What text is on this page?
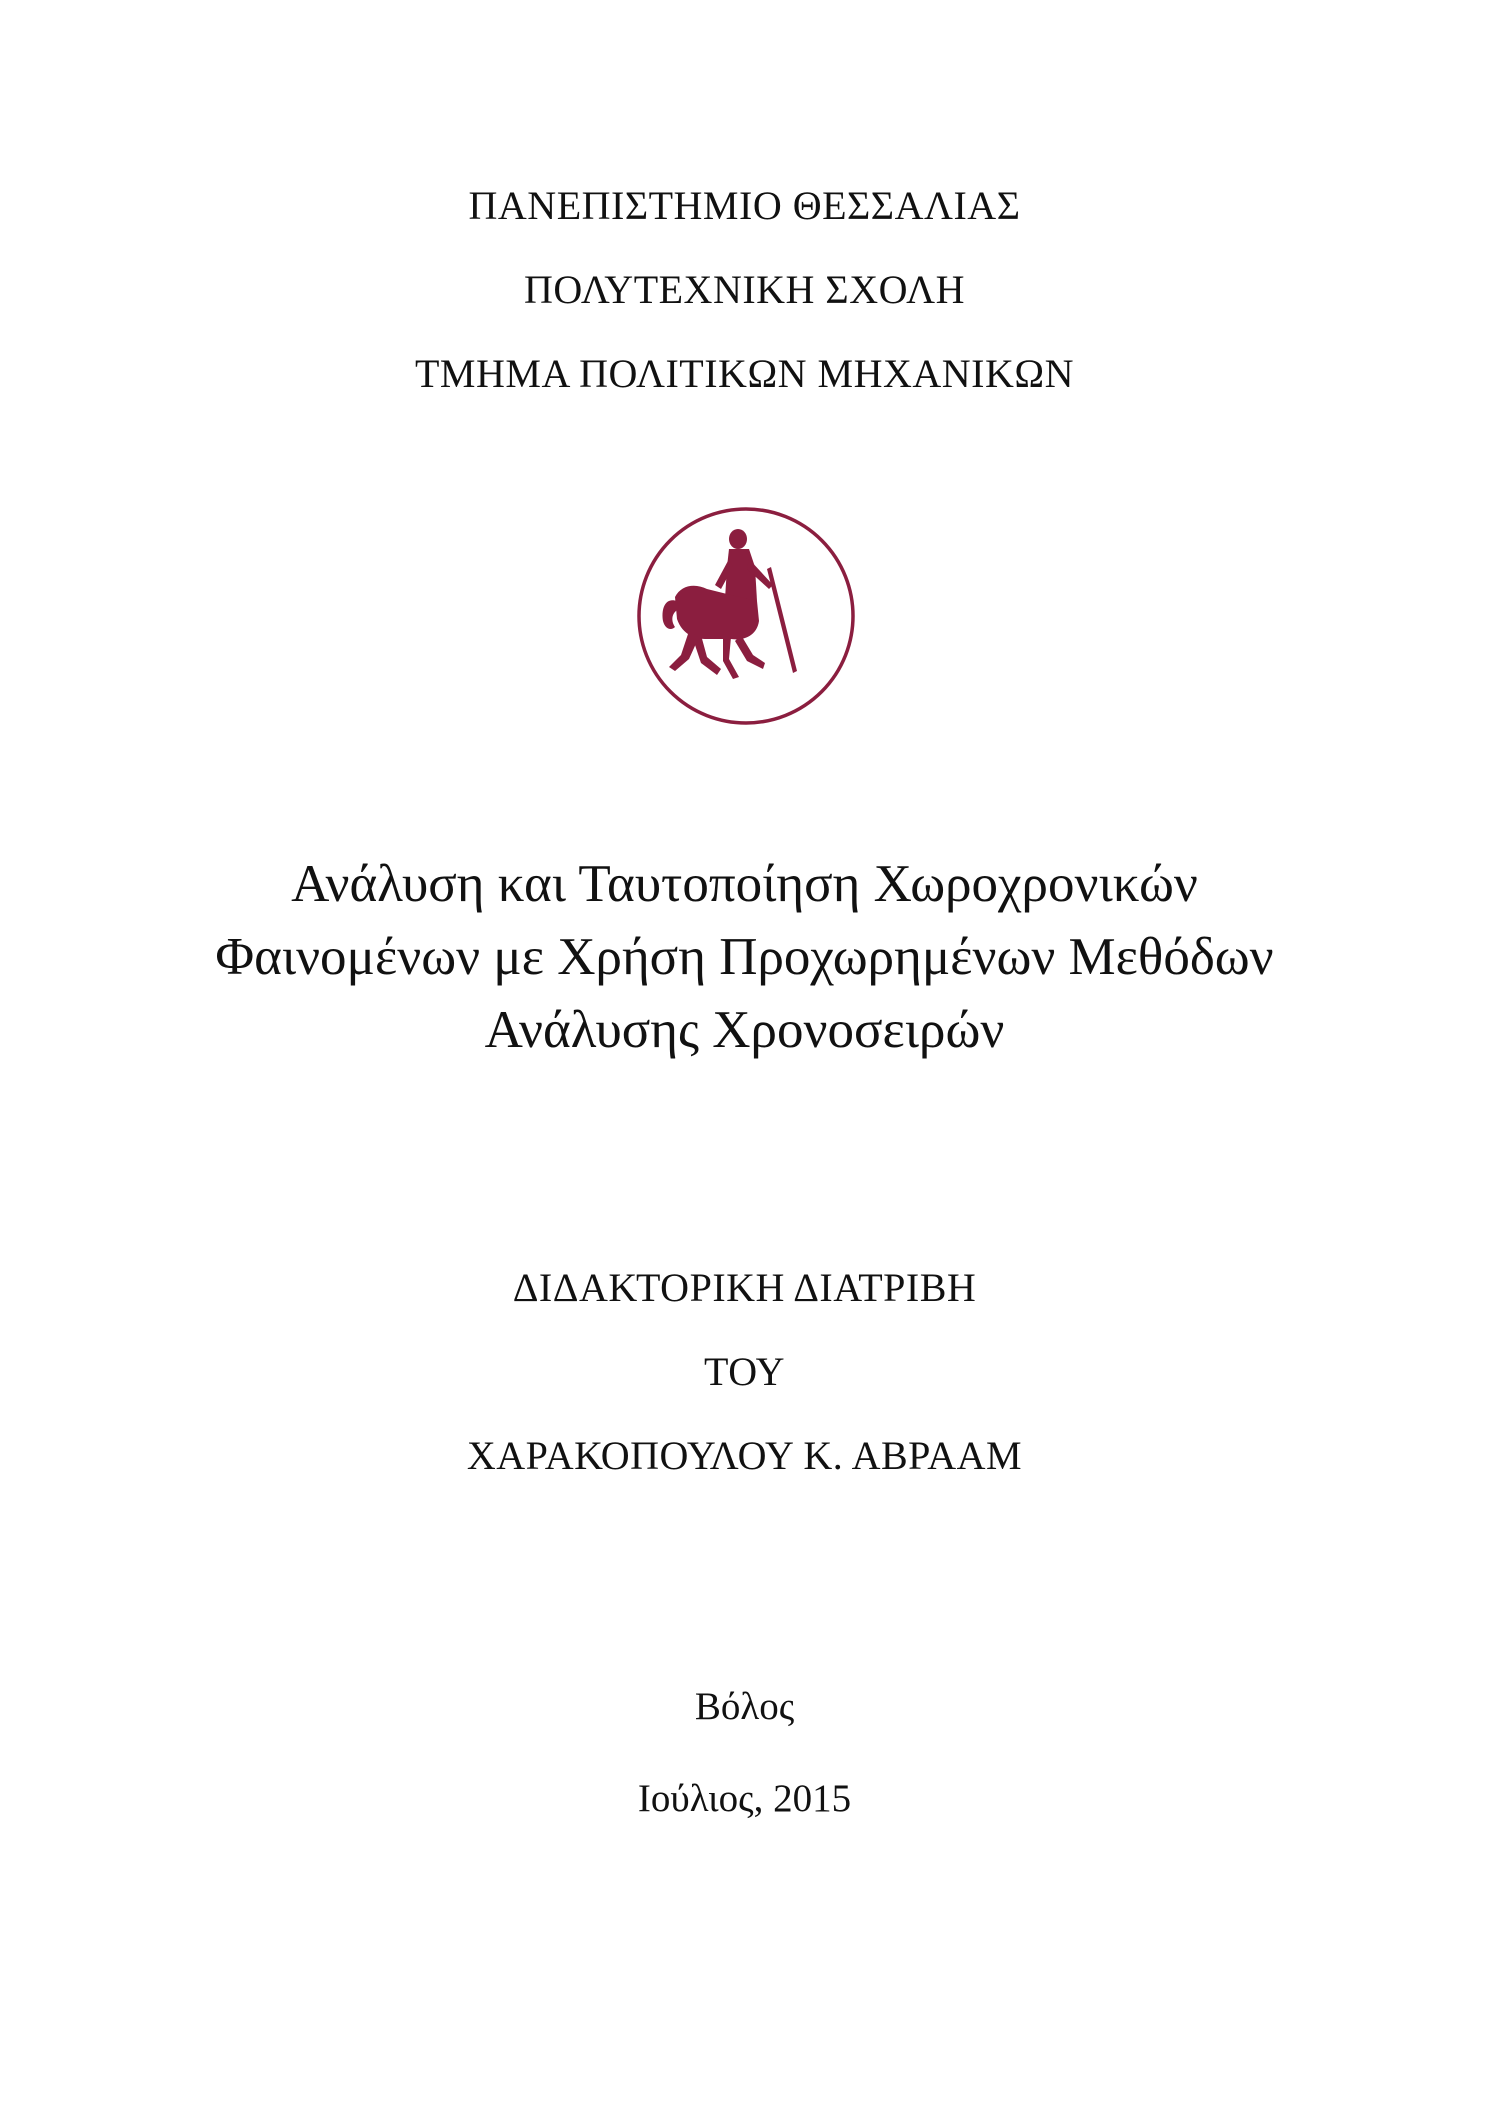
ΠΑΝΕΠΙΣΤΗΜΙΟ ΘΕΣΣΑΛΙΑΣ
ΠΟΛΥΤΕΧΝΙΚΗ ΣΧΟΛΗ
ΤΜΗΜΑ ΠΟΛΙΤΙΚΩΝ ΜΗΧΑΝΙΚΩΝ
Ανάλυση και Ταυτοποίηση Χωροχρονικών
Φαινομένων με Χρήση Προχωρημένων Μεθόδων
Ανάλυσης Χρονοσειρών
ΔΙΔΑΚΤΟΡΙΚΗ ΔΙΑΤΡΙΒΗ
ΤΟΥ
ΧΑΡΑΚΟΠΟΥΛΟΥ Κ. ΑΒΡΑΑΜ
Βόλος
Ιούλιος, 2015
